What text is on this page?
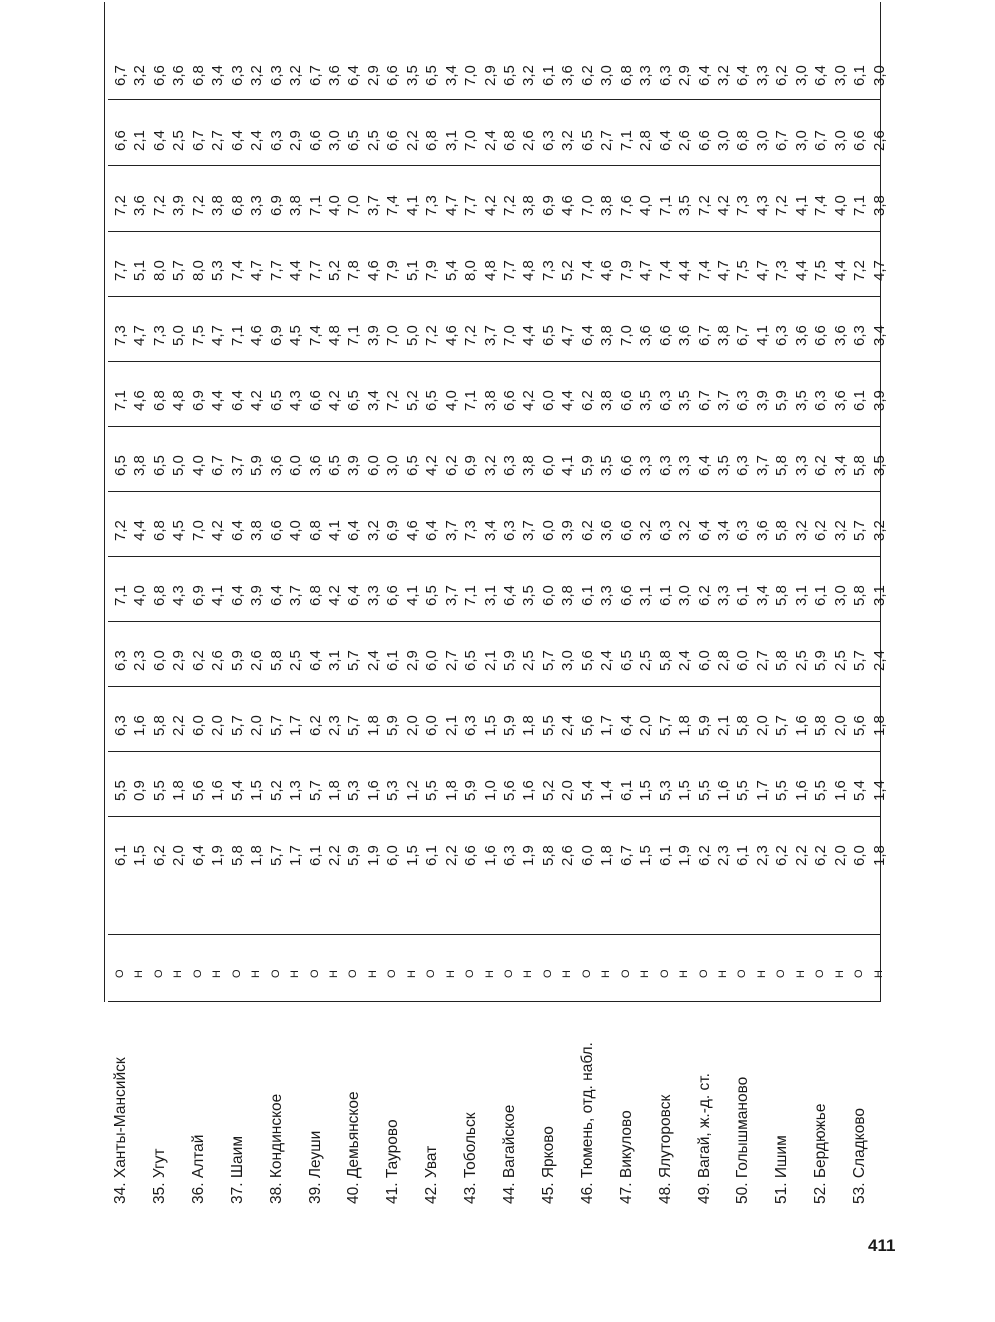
34. Ханты-Мансийск
О
6,1
5,5
6,3
6,3
7,1
7,2
6,5
7,1
7,3
7,7
7,2
6,6
6,7
Н
1,5
0,9
1,6
2,3
4,0
4,4
3,8
4,6
4,7
5,1
3,6
2,1
3,2
35. Угут
О
6,2
5,5
5,8
6,0
6,8
6,8
6,5
6,8
7,3
8,0
7,2
6,4
6,6
Н
2,0
1,8
2,2
2,9
4,3
4,5
5,0
4,8
5,0
5,7
3,9
2,5
3,6
36. Алтай
О
6,4
5,6
6,0
6,2
6,9
7,0
4,0
6,9
7,5
8,0
7,2
6,7
6,8
Н
1,9
1,6
2,0
2,6
4,1
4,2
6,7
4,4
4,7
5,3
3,8
2,7
3,4
37. Шаим
О
5,8
5,4
5,7
5,9
6,4
6,4
3,7
6,4
7,1
7,4
6,8
6,4
6,3
Н
1,8
1,5
2,0
2,6
3,9
3,8
5,9
4,2
4,6
4,7
3,3
2,4
3,2
38. Кондинское
О
5,7
5,2
5,7
5,8
6,4
6,6
3,6
6,5
6,9
7,7
6,9
6,3
6,3
Н
1,7
1,3
1,7
2,5
3,7
4,0
6,0
4,3
4,5
4,4
3,8
2,9
3,2
39. Леуши
О
6,1
5,7
6,2
6,4
6,8
6,8
3,6
6,6
7,4
7,7
7,1
6,6
6,7
Н
2,2
1,8
2,3
3,1
4,2
4,1
6,5
4,2
4,8
5,2
4,0
3,0
3,6
40. Демьянское
О
5,9
5,3
5,7
5,7
6,4
6,4
3,9
6,5
7,1
7,8
7,0
6,5
6,4
Н
1,9
1,6
1,8
2,4
3,3
3,2
6,0
3,4
3,9
4,6
3,7
2,5
2,9
41. Таурово
О
6,0
5,3
5,9
6,1
6,6
6,9
3,0
7,2
7,0
7,9
7,4
6,6
6,6
Н
1,5
1,2
2,0
2,9
4,1
4,6
6,5
5,2
5,0
5,1
4,1
2,2
3,5
42. Уват
О
6,1
5,5
6,0
6,0
6,5
6,4
4,2
6,5
7,2
7,9
7,3
6,8
6,5
Н
2,2
1,8
2,1
2,7
3,7
3,7
6,2
4,0
4,6
5,4
4,7
3,1
3,4
43. Тобольск
О
6,6
5,9
6,3
6,5
7,1
7,3
6,9
7,1
7,2
8,0
7,7
7,0
7,0
Н
1,6
1,0
1,5
2,1
3,1
3,4
3,2
3,8
3,7
4,8
4,2
2,4
2,9
44. Вагайское
О
6,3
5,6
5,9
5,9
6,4
6,3
6,3
6,6
7,0
7,7
7,2
6,8
6,5
Н
1,9
1,6
1,8
2,5
3,5
3,7
3,8
4,2
4,4
4,8
3,8
2,6
3,2
45. Ярково
О
5,8
5,2
5,5
5,7
6,0
6,0
6,0
6,0
6,5
7,3
6,9
6,3
6,1
Н
2,6
2,0
2,4
3,0
3,8
3,9
4,1
4,4
4,7
5,2
4,6
3,2
3,6
46. Тюмень, отд. набл.
О
6,0
5,4
5,6
5,6
6,1
6,2
5,9
6,2
6,4
7,4
7,0
6,5
6,2
Н
1,8
1,4
1,7
2,4
3,3
3,6
3,5
3,8
3,8
4,6
3,8
2,7
3,0
47. Викулово
О
6,7
6,1
6,4
6,5
6,6
6,6
6,6
6,6
7,0
7,9
7,6
7,1
6,8
Н
1,5
1,5
2,0
2,5
3,1
3,2
3,3
3,5
3,6
4,7
4,0
2,8
3,3
48. Ялуторовск
О
6,1
5,3
5,7
5,8
6,1
6,3
6,3
6,3
6,6
7,4
7,1
6,4
6,3
Н
1,9
1,5
1,8
2,4
3,0
3,2
3,3
3,5
3,6
4,4
3,5
2,6
2,9
49. Вагай, ж.-д. ст.
О
6,2
5,5
5,9
6,0
6,2
6,4
6,4
6,7
6,7
7,4
7,2
6,6
6,4
Н
2,3
1,6
2,1
2,8
3,3
3,4
3,5
3,7
3,8
4,7
4,2
3,0
3,2
50. Голышманово
О
6,1
5,5
5,8
6,0
6,1
6,3
6,3
6,3
6,7
7,5
7,3
6,8
6,4
Н
2,3
1,7
2,0
2,7
3,4
3,6
3,7
3,9
4,1
4,7
4,3
3,0
3,3
51. Ишим
О
6,2
5,5
5,7
5,8
5,8
5,8
5,8
5,9
6,3
7,3
7,2
6,7
6,2
Н
2,2
1,6
1,6
2,5
3,1
3,2
3,3
3,5
3,6
4,4
4,1
3,0
3,0
52. Бердюжье
О
6,2
5,5
5,8
5,9
6,1
6,2
6,2
6,3
6,6
7,5
7,4
6,7
6,4
Н
2,0
1,6
2,0
2,5
3,0
3,2
3,4
3,6
3,6
4,4
4,0
3,0
3,0
53. Сладково
О
6,0
5,4
5,6
5,7
5,8
5,7
5,8
6,1
6,3
7,2
7,1
6,6
6,1
Н
1,8
1,4
1,8
2,4
3,1
3,2
3,5
3,9
3,4
4,7
3,8
2,6
3,0
411
